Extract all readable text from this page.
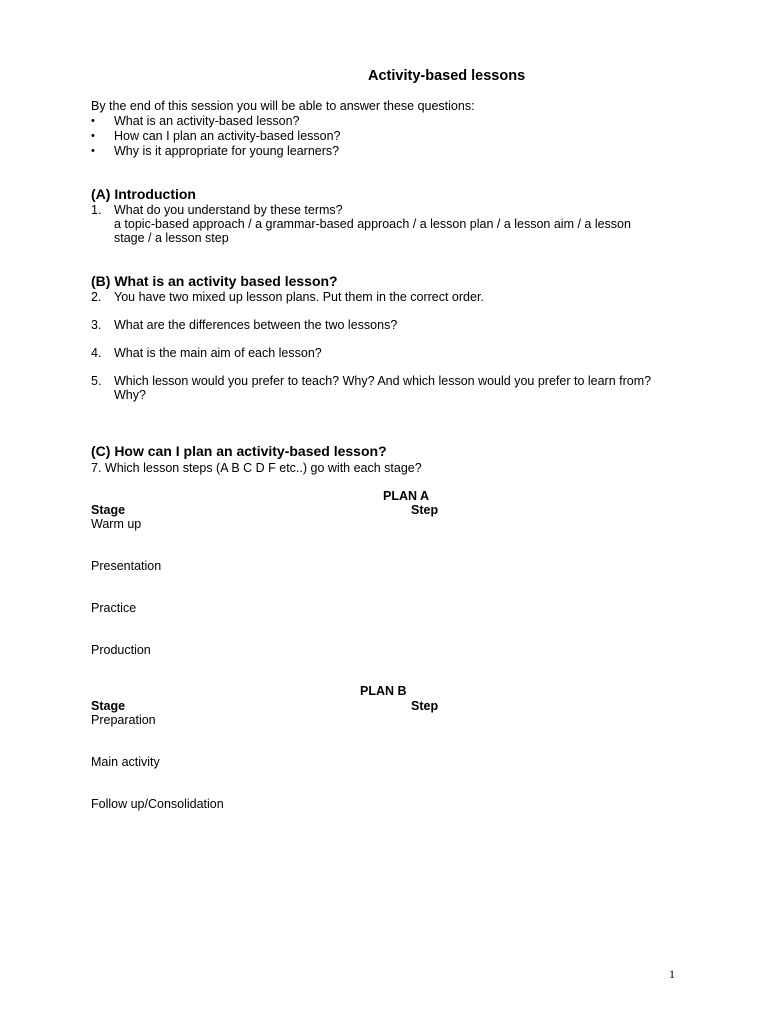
Activity-based lessons
By the end of this session you will be able to answer these questions:
• What is an activity-based lesson?
• How can I plan an activity-based lesson?
• Why is it appropriate for young learners?
(A) Introduction
1. What do you understand by these terms?
a topic-based approach / a grammar-based approach / a lesson plan / a lesson aim / a lesson
stage / a lesson step
(B) What is an activity based lesson?
2. You have two mixed up lesson plans. Put them in the correct order.
3. What are the differences between the two lessons?
4. What is the main aim of each lesson?
5. Which lesson would you prefer to teach? Why? And which lesson would you prefer to learn from?
Why?
(C) How can I plan an activity-based lesson?
7. Which lesson steps (A B C D F etc..) go with each stage?
PLAN A
Stage	Step
Warm up
Presentation
Practice
Production
PLAN B
Stage	Step
Preparation
Main activity
Follow up/Consolidation
1
